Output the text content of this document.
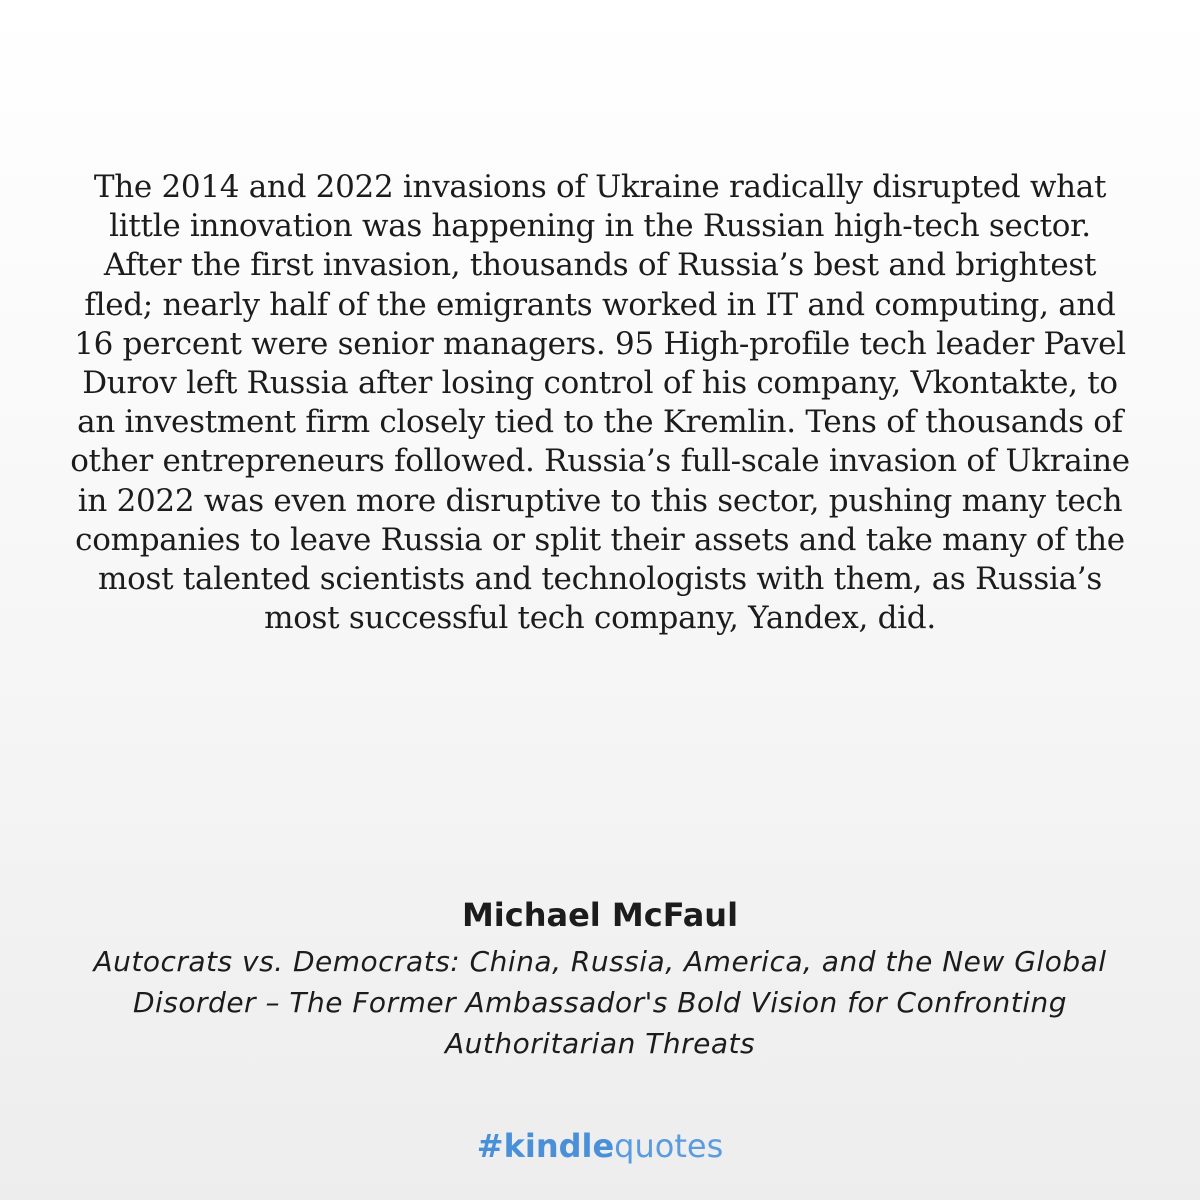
The 2014 and 2022 invasions of Ukraine radically disrupted what little innovation was happening in the Russian high-tech sector. After the first invasion, thousands of Russia’s best and brightest fled; nearly half of the emigrants worked in IT and computing, and 16 percent were senior managers. 95 High-profile tech leader Pavel Durov left Russia after losing control of his company, Vkontakte, to an investment firm closely tied to the Kremlin. Tens of thousands of other entrepreneurs followed. Russia’s full-scale invasion of Ukraine in 2022 was even more disruptive to this sector, pushing many tech companies to leave Russia or split their assets and take many of the most talented scientists and technologists with them, as Russia’s most successful tech company, Yandex, did.

Michael McFaul

Autocrats vs. Democrats: China, Russia, America, and the New Global Disorder – The Former Ambassador's Bold Vision for Confronting Authoritarian Threats

#kindlequotes
